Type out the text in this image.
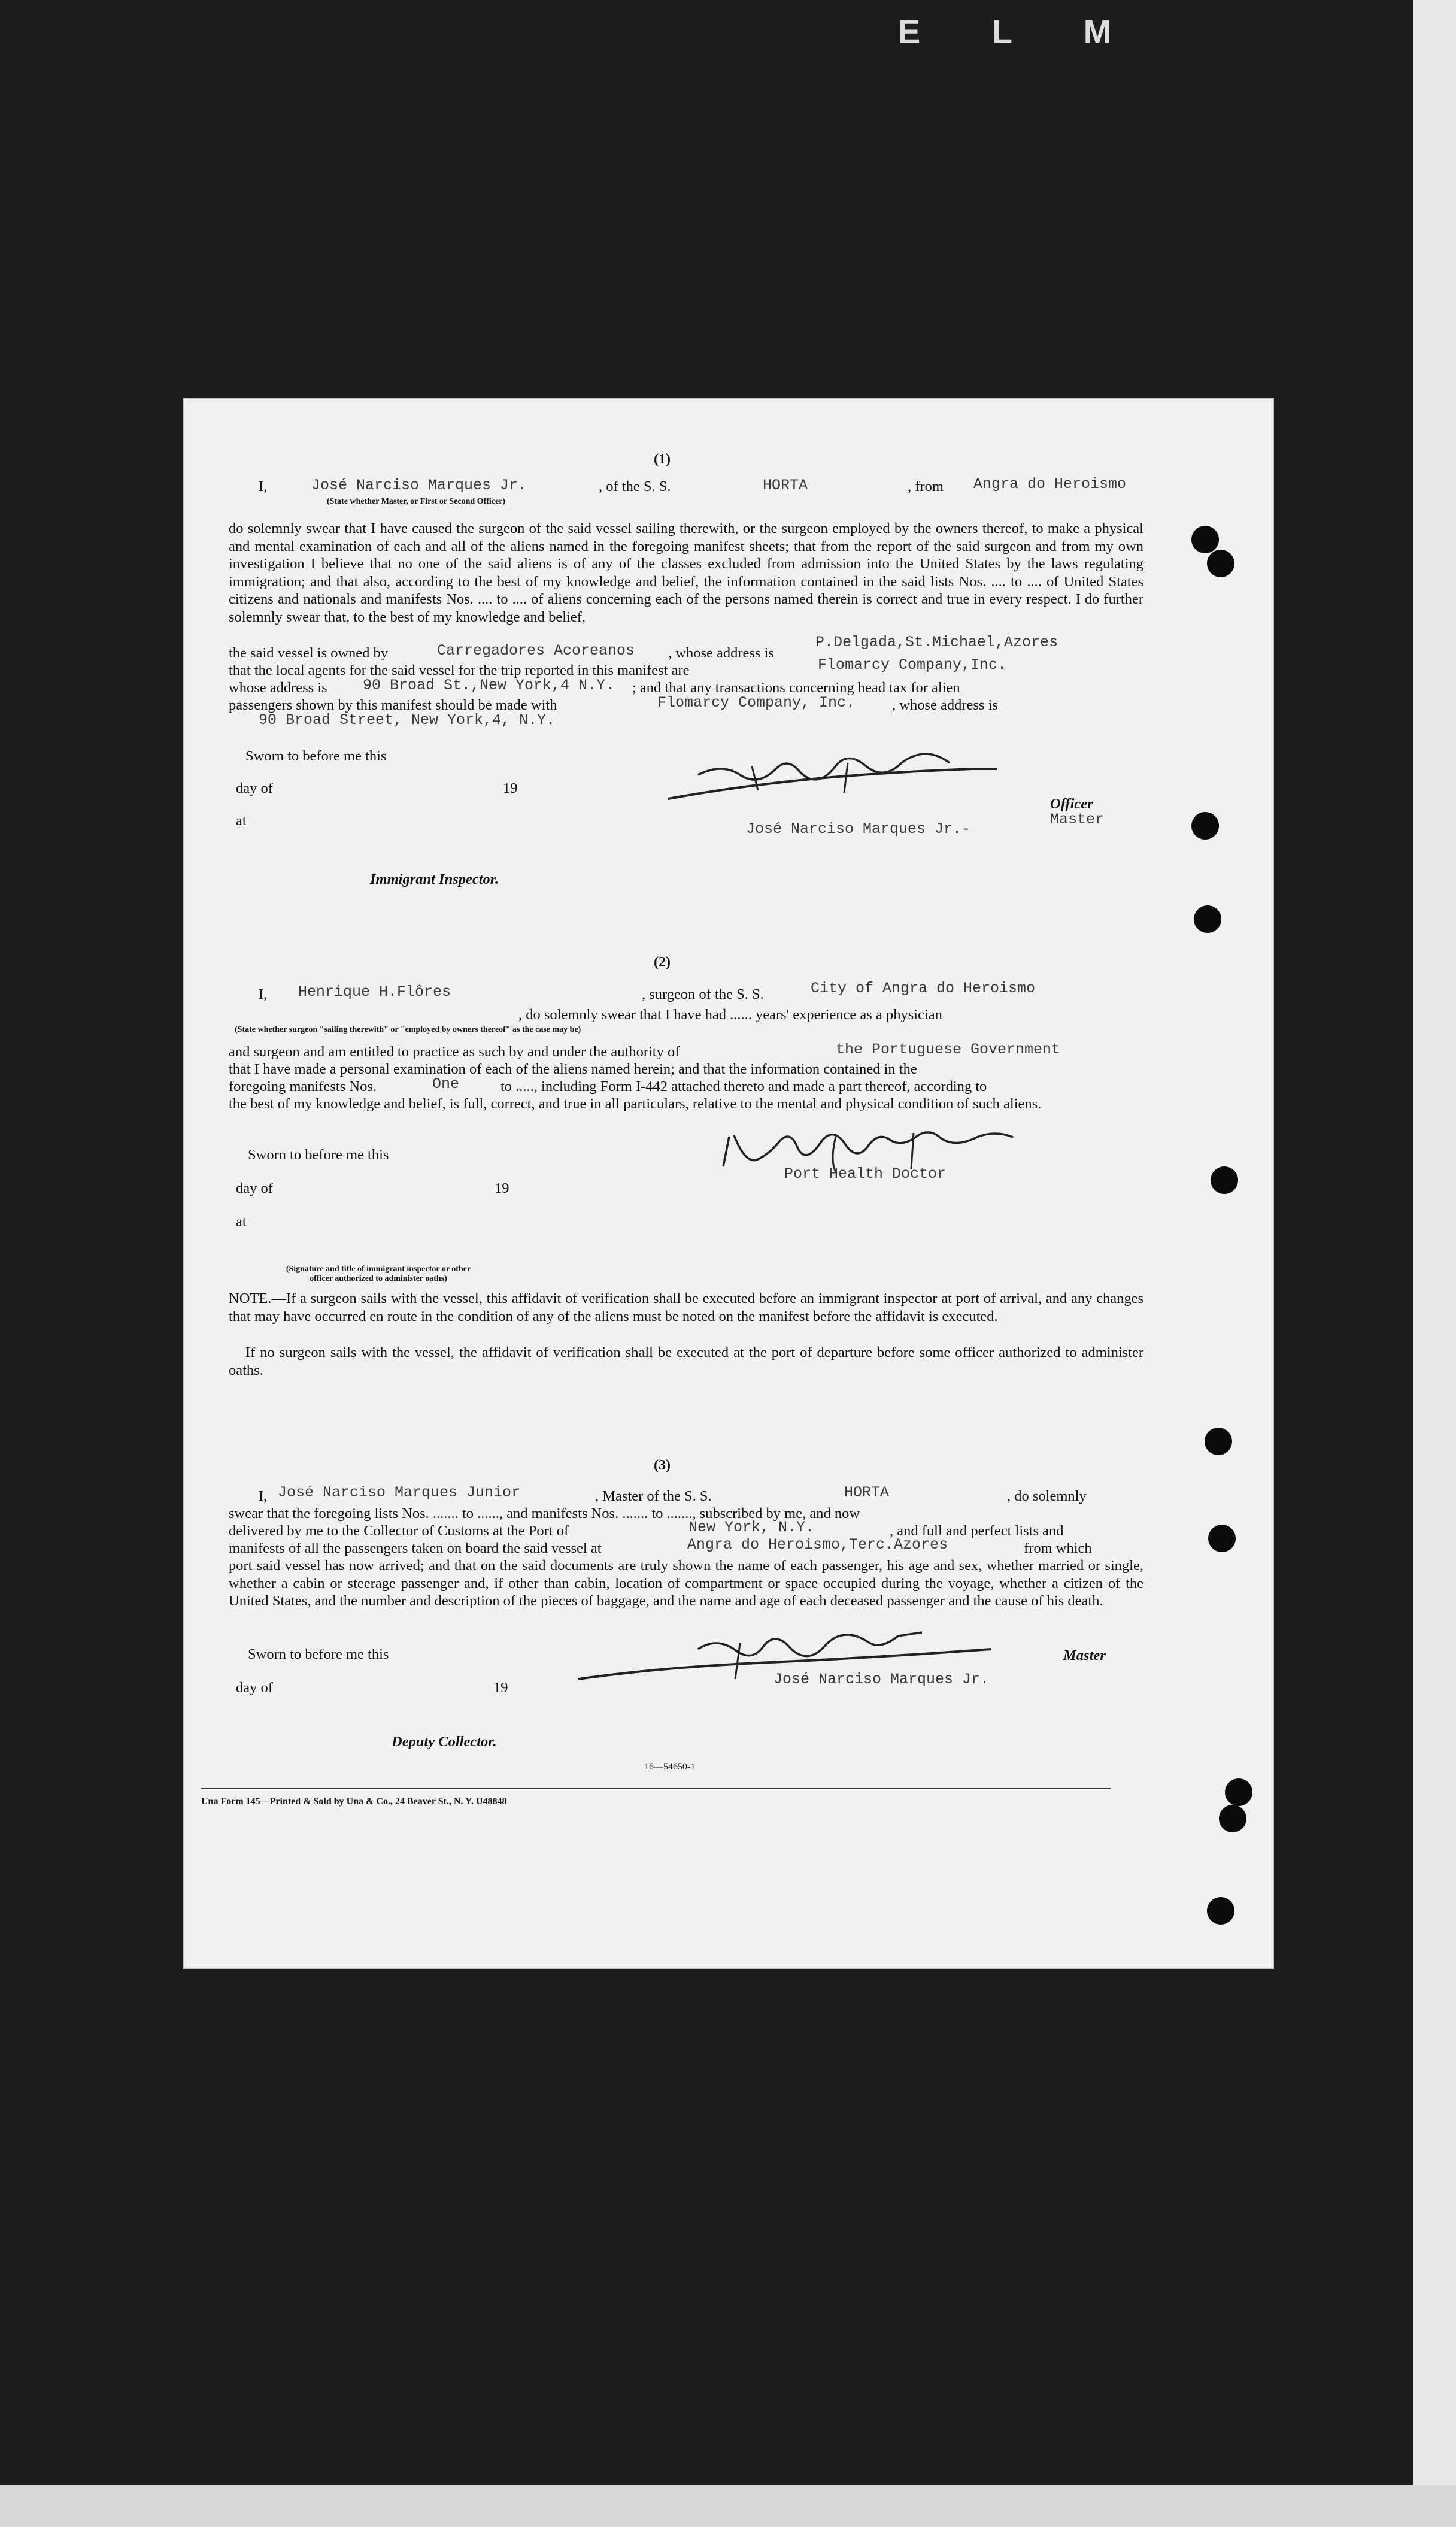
E L M
(1)
I,	José Narciso Marques Jr.	, of the S. S.	HORTA	, from Angra do Heroismo
(State whether Master, or First or Second Officer)
do solemnly swear that I have caused the surgeon of the said vessel sailing therewith, or the surgeon employed by the owners thereof, to make a physical and mental examination of each and all of the aliens named in the foregoing manifest sheets; that from the report of the said surgeon and from my own investigation I believe that no one of the said aliens is of any of the classes excluded from admission into the United States by the laws regulating immigration; and that also, according to the best of my knowledge and belief, the information contained in the said lists Nos. .... to .... of United States citizens and nationals and manifests Nos. .... to .... of aliens concerning each of the persons named therein is correct and true in every respect. I do further solemnly swear that, to the best of my knowledge and belief,
the said vessel is owned by	Carregadores Acoreanos , whose address is
P.Delgada,St.Michael,Azores
that the local agents for the said vessel for the trip reported in this manifest are	Flomarcy Company,Inc.
whose address is 90 Broad St.,New York,4 N.Y. ; and that any transactions concerning head tax for alien
passengers shown by this manifest should be made with	Flomarcy Company, Inc.	, whose address is
90 Broad Street, New York,4, N.Y.
Sworn to before me this
day of	19
at
Immigrant Inspector.
Officer
Master
José Narciso Marques Jr.-
(2)
I, Henrique H.Flôres	, surgeon of the S. S.	City of Angra do Heroismo
, do solemnly swear that I have had ...... years' experience as a physician
(State whether surgeon "sailing therewith" or "employed by owners thereof" as the case may be)
and surgeon and am entitled to practice as such by and under the authority of	the Portuguese Government
that I have made a personal examination of each of the aliens named herein; and that the information contained in the
foregoing manifests Nos.	One	to ....., including Form I-442 attached thereto and made a part thereof, according to
the best of my knowledge and belief, is full, correct, and true in all particulars, relative to the mental and physical condition of such aliens.
Sworn to before me this
day of	19
at
(Signature and title of immigrant inspector or other officer authorized to administer oaths)
Port Health Doctor
NOTE.—If a surgeon sails with the vessel, this affidavit of verification shall be executed before an immigrant inspector at port of arrival, and any changes that may have occurred en route in the condition of any of the aliens must be noted on the manifest before the affidavit is executed.
If no surgeon sails with the vessel, the affidavit of verification shall be executed at the port of departure before some officer authorized to administer oaths.
(3)
I, José Narciso Marques Junior	, Master of the S. S.	HORTA	, do solemnly
swear that the foregoing lists Nos. ....... to ......, and manifests Nos. ....... to ......., subscribed by me, and now
delivered by me to the Collector of Customs at the Port of	New York, N.Y.	, and full and perfect lists and
manifests of all the passengers taken on board the said vessel at	Angra do Heroismo,Terc.Azores	from which
port said vessel has now arrived; and that on the said documents are truly shown the name of each passenger, his age and sex, whether married or single, whether a cabin or steerage passenger and, if other than cabin, location of compartment or space occupied during the voyage, whether a citizen of the United States, and the number and description of the pieces of baggage, and the name and age of each deceased passenger and the cause of his death.
Sworn to before me this
day of	19
Deputy Collector.
Master
José Narciso Marques Jr.
16—54650-1
Una Form 145—Printed & Sold by Una & Co., 24 Beaver St., N. Y. U48848
